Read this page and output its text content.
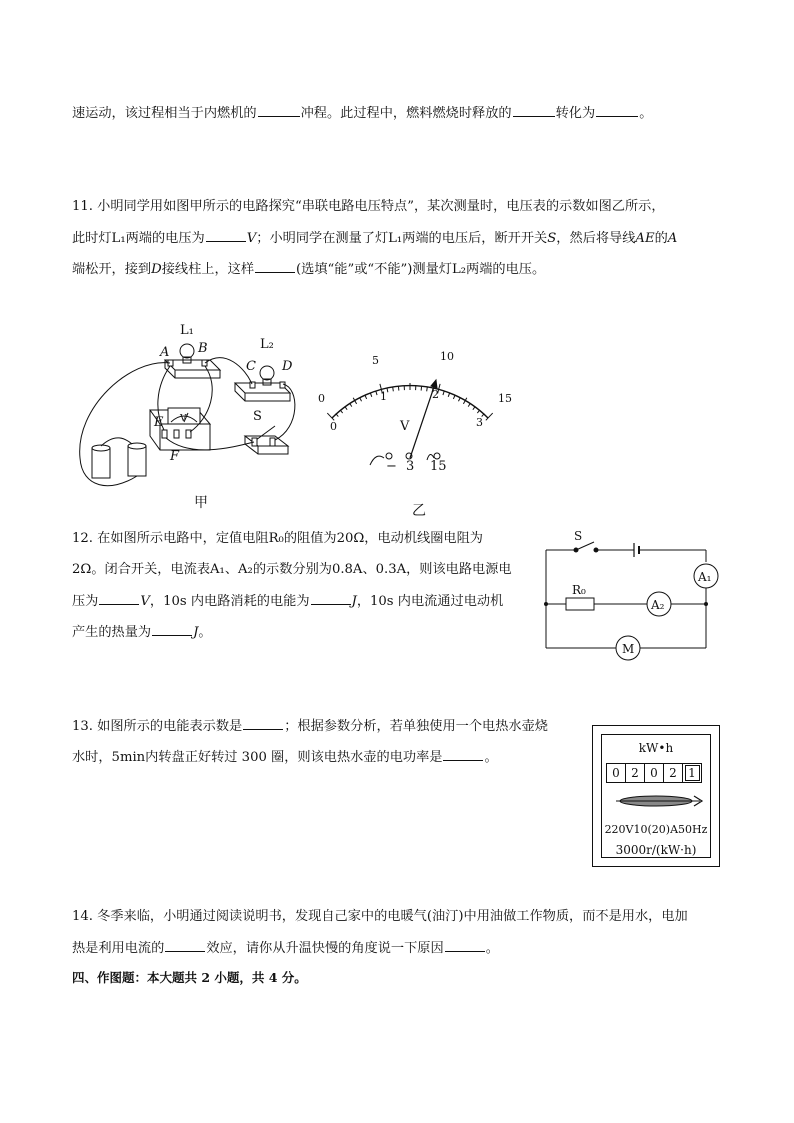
速运动，该过程相当于内燃机的	冲程。此过程中，燃料燃烧时释放的	转化为	。
11. 小明同学用如图甲所示的电路探究“串联电路电压特点”，某次测量时，电压表的示数如图乙所示，
此时灯L₁两端的电压为	V；小明同学在测量了灯L₁两端的电压后，断开开关S，然后将导线AE的A
端松开，接到D接线柱上，这样	(选填“能”或“不能”)测量灯L₂两端的电压。
L₁
L₂
A B
C D
E
F
S
V
甲
0
5	10
15
0
1	2
3
V
− 3 15
乙
12. 在如图所示电路中，定值电阻R₀的阻值为20Ω，电动机线圈电阻为
2Ω。闭合开关，电流表A₁、A₂的示数分别为0.8A、0.3A，则该电路电源电
压为	V，10s 内电路消耗的电能为	J，10s 内电流通过电动机
产生的热量为	J。
S
R₀
A₁
A₂
M
13. 如图所示的电能表示数是	；根据参数分析，若单独使用一个电热水壶烧
水时，5min内转盘正好转过 300 圈，则该电热水壶的电功率是	。
kW•h
0 2 0 2 1
220V10(20)A50Hz
3000r/(kW·h)
14. 冬季来临，小明通过阅读说明书，发现自己家中的电暖气(油汀)中用油做工作物质，而不是用水，电加
热是利用电流的	效应，请你从升温快慢的角度说一下原因	。
四、作图题：本大题共 2 小题，共 4 分。
